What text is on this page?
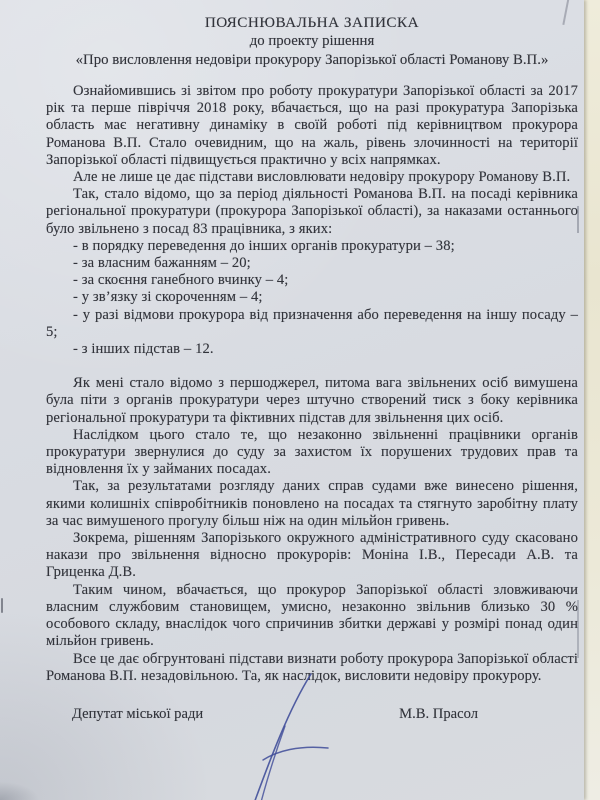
ПОЯСНЮВАЛЬНА ЗАПИСКА
до проекту рішення
«Про висловлення недовіри прокурору Запорізької області Романову В.П.»

Ознайомившись зі звітом про роботу прокуратури Запорізької області за 2017 рік та перше півріччя 2018 року, вбачається, що на разі прокуратура Запорізька область має негативну динаміку в своїй роботі під керівництвом прокурора Романова В.П. Стало очевидним, що на жаль, рівень злочинності на території Запорізької області підвищується практично у всіх напрямках.

Але не лише це дає підстави висловлювати недовіру прокурору Романову В.П.

Так, стало відомо, що за період діяльності Романова В.П. на посаді керівника регіональної прокуратури (прокурора Запорізької області), за наказами останнього було звільнено з посад 83 працівника, з яких:

- в порядку переведення до інших органів прокуратури – 38;

- за власним бажанням – 20;

- за скоєння ганебного вчинку – 4;

- у зв’язку зі скороченням – 4;

- у разі відмови прокурора від призначення або переведення на іншу посаду – 5;

- з інших підстав – 12.

Як мені стало відомо з першоджерел, питома вага звільнених осіб вимушена була піти з органів прокуратури через штучно створений тиск з боку керівника регіональної прокуратури та фіктивних підстав для звільнення цих осіб.

Наслідком цього стало те, що незаконно звільненні працівники органів прокуратури звернулися до суду за захистом їх порушених трудових прав та відновлення їх у займаних посадах.

Так, за результатами розгляду даних справ судами вже винесено рішення, якими колишніх співробітників поновлено на посадах та стягнуто заробітну плату за час вимушеного прогулу більш ніж на один мільйон гривень.

Зокрема, рішенням Запорізького окружного адміністративного суду скасовано накази про звільнення відносно прокурорів: Моніна І.В., Пересади А.В. та Гриценка Д.В.

Таким чином, вбачається, що прокурор Запорізької області зловживаючи власним службовим становищем, умисно, незаконно звільнив близько 30 % особового складу, внаслідок чого спричинив збитки державі у розмірі понад один мільйон гривень.

Все це дає обгрунтовані підстави визнати роботу прокурора Запорізької області Романова В.П. незадовільною. Та, як наслідок, висловити недовіру прокурору.

Депутат міської ради	М.В. Прасол
